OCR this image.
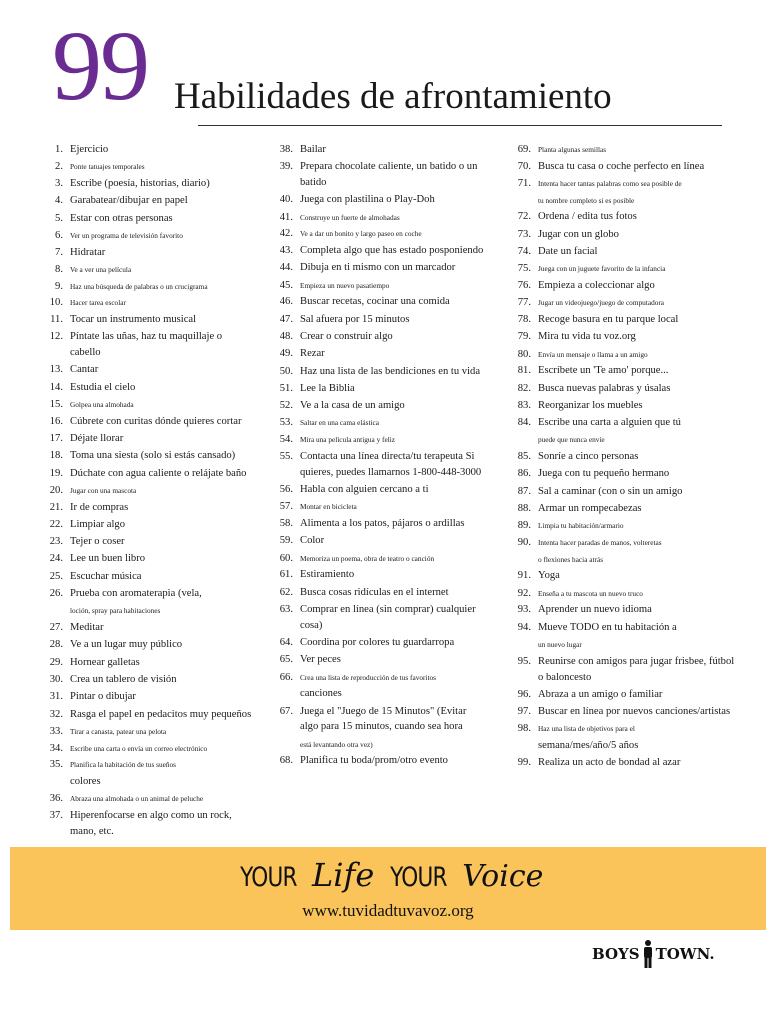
99 Habilidades de afrontamiento
1. Ejercicio
2. Ponte tatuajes temporales
3. Escribe (poesía, historias, diario)
4. Garabatear/dibujar en papel
5. Estar con otras personas
6. Ver un programa de televisión favorito
7. Hidratar
8. Ve a ver una película
9. Haz una búsqueda de palabras o un crucigrama
10. Hacer tarea escolar
11. Tocar un instrumento musical
12. Píntate las uñas, haz tu maquillaje o cabello
13. Cantar
14. Estudia el cielo
15. Golpea una almohada
16. Cúbrete con curitas dónde quieres cortar
17. Déjate llorar
18. Toma una siesta (solo si estás cansado)
19. Dúchate con agua caliente o relájate baño
20. Jugar con una mascota
21. Ir de compras
22. Limpiar algo
23. Tejer o coser
24. Lee un buen libro
25. Escuchar música
26. Prueba con aromaterapia (vela,
loción, spray para habitaciones
27. Meditar
28. Ve a un lugar muy público
29. Hornear galletas
30. Crea un tablero de visión
31. Pintar o dibujar
32. Rasga el papel en pedacitos muy pequeños
33. Tirar a canasta, patear una pelota
34. Escribe una carta o envía un correo electrónico
35. Planifica la habitación de tus sueños
colores
36. Abraza una almohada o un animal de peluche
37. Hiperenfocarse en algo como un rock, mano, etc.
38. Bailar
39. Prepara chocolate caliente, un batido o un batido
40. Juega con plastilina o Play-Doh
41. Construye un fuerte de almohadas
42. Ve a dar un bonito y largo paseo en coche
43. Completa algo que has estado posponiendo
44. Dibuja en ti mismo con un marcador
45. Empieza un nuevo pasatiempo
46. Buscar recetas, cocinar una comida
47. Sal afuera por 15 minutos
48. Crear o construir algo
49. Rezar
50. Haz una lista de las bendiciones en tu vida
51. Lee la Biblia
52. Ve a la casa de un amigo
53. Saltar en una cama elástica
54. Mira una película antigua y feliz
55. Contacta una línea directa/tu terapeuta Si quieres, puedes llamarnos 1-800-448-3000
56. Habla con alguien cercano a ti
57. Montar en bicicleta
58. Alimenta a los patos, pájaros o ardillas
59. Color
60. Memoriza un poema, obra de teatro o canción
61. Estiramiento
62. Busca cosas ridículas en el internet
63. Comprar en línea (sin comprar) cualquier cosa)
64. Coordina por colores tu guardarropa
65. Ver peces
66. Crea una lista de reproducción de tus favoritos
canciones
67. Juega el "Juego de 15 Minutos" (Evitar algo para 15 minutos, cuando sea hora
está levantando otra vez)
68. Planifica tu boda/prom/otro evento
69. Planta algunas semillas
70. Busca tu casa o coche perfecto en línea
71. Intenta hacer tantas palabras como sea posible de
tu nombre completo si es posible
72. Ordena / edita tus fotos
73. Jugar con un globo
74. Date un facial
75. Juega con un juguete favorito de la infancia
76. Empieza a coleccionar algo
77. Jugar un videojuego/juego de computadora
78. Recoge basura en tu parque local
79. Mira tu vida tu voz.org
80. Envía un mensaje o llama a un amigo
81. Escríbete un 'Te amo' porque...
82. Busca nuevas palabras y úsalas
83. Reorganizar los muebles
84. Escribe una carta a alguien que tú
puede que nunca envíe
85. Sonríe a cinco personas
86. Juega con tu pequeño hermano
87. Sal a caminar (con o sin un amigo
88. Armar un rompecabezas
89. Limpia tu habitación/armario
90. Intenta hacer paradas de manos, volteretas
o flexiones hacia atrás
91. Yoga
92. Enseña a tu mascota un nuevo truco
93. Aprender un nuevo idioma
94. Mueve TODO en tu habitación a
un nuevo lugar
95. Reunirse con amigos para jugar frisbee, fútbol o baloncesto
96. Abraza a un amigo o familiar
97. Buscar en línea por nuevos canciones/artistas
98. Haz una lista de objetivos para el
semana/mes/año/5 años
99. Realiza un acto de bondad al azar
YOUR Life YOUR Voice
www.tuvidadtuvavoz.org
BOYS TOWN.
